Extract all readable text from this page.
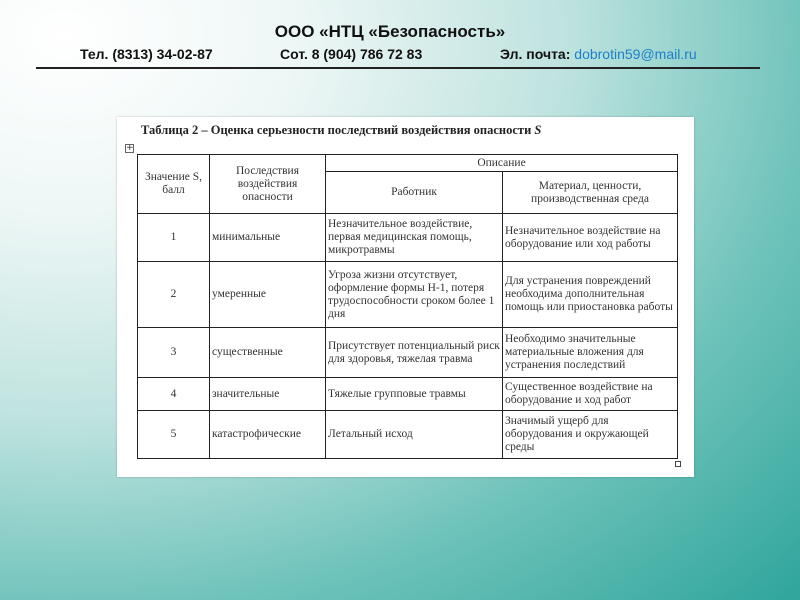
ООО «НТЦ «Безопасность»
Тел. (8313) 34-02-87	Сот. 8 (904) 786 72 83	Эл. почта: dobrotin59@mail.ru
Таблица 2 – Оценка серьезности последствий воздействия опасности S
+
Значение S, балл	Последствия воздействия опасности	Описание	
		Работник	Материал, ценности, производственная среда
1	минимальные	Незначительное воздействие, первая медицинская помощь, микротравмы	Незначительное воздействие на оборудование или ход работы
2	умеренные	Угроза жизни отсутствует, оформление формы Н-1, потеря трудоспособности сроком более 1 дня	Для устранения повреждений необходима дополнительная помощь или приостановка работы
3	существенные	Присутствует потенциальный риск для здоровья, тяжелая травма	Необходимо значительные материальные вложения для устранения последствий
4	значительные	Тяжелые групповые травмы	Существенное воздействие на оборудование и ход работ
5	катастрофические	Летальный исход	Значимый ущерб для оборудования и окружающей среды
